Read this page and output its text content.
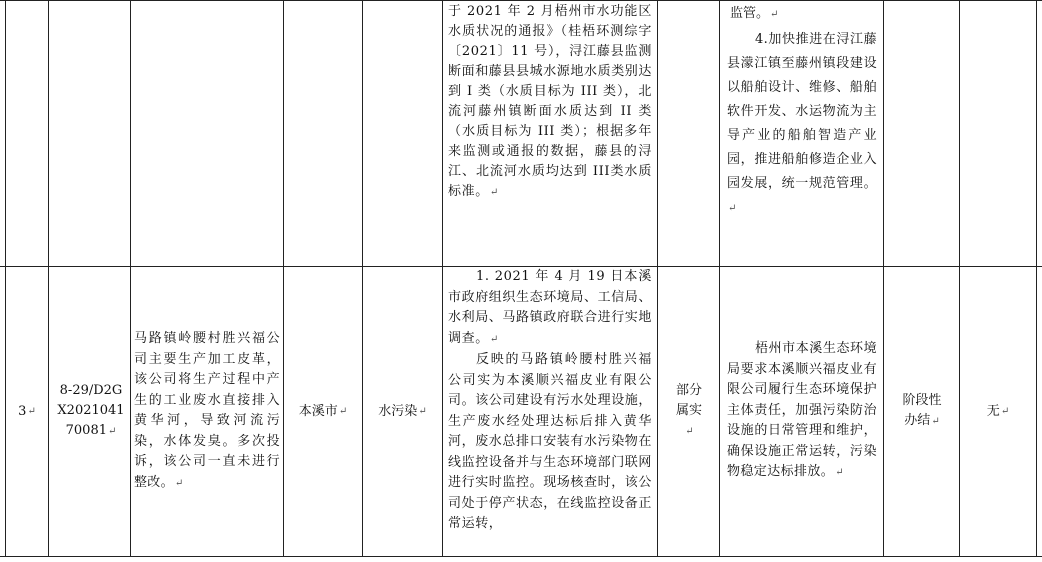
于 2021 年 2 月梧州市水功能区水质状况的通报》（桂梧环测综字〔2021〕11 号），浔江藤县监测断面和藤县县城水源地水质类别达到 I 类（水质目标为 III 类），北流河藤州镇断面水质达到 II 类（水质目标为 III 类）；根据多年来监测或通报的数据，藤县的浔江、北流河水质均达到 III类水质标准。↵
监管。↵
4.加快推进在浔江藤县濛江镇至藤州镇段建设以船舶设计、维修、船舶软件开发、水运物流为主导产业的船舶智造产业园，推进船舶修造企业入园发展，统一规范管理。↵
3 ↵
8-29/D2GX202104170081↵
马路镇岭腰村胜兴福公司主要生产加工皮革，该公司将生产过程中产生的工业废水直接排入黄华河，导致河流污染，水体发臭。多次投诉，该公司一直未进行整改。↵
本溪市 ↵ 水污染 ↵
1. 2021 年 4 月 19 日本溪市政府组织生态环境局、工信局、水利局、马路镇政府联合进行实地调查。↵
反映的马路镇岭腰村胜兴福公司实为本溪顺兴福皮业有限公司。该公司建设有污水处理设施，生产废水经处理达标后排入黄华河，废水总排口安装有水污染物在线监控设备并与生态环境部门联网进行实时监控。现场核查时，该公司处于停产状态，在线监控设备正常运转，
部分属实↵
梧州市本溪生态环境局要求本溪顺兴福皮业有限公司履行生态环境保护主体责任，加强污染防治设施的日常管理和维护，确保设施正常运转，污染物稳定达标排放。↵
阶段性办结↵
无 ↵
